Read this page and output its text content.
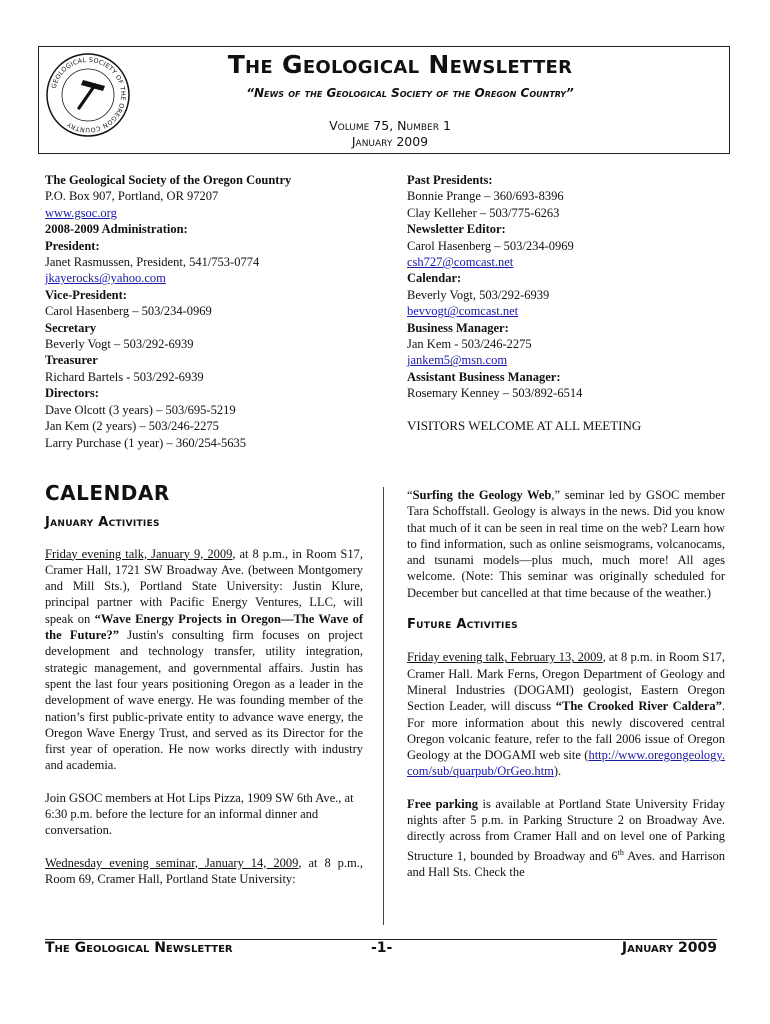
GEOLOGICAL SOCIETY OF THE OREGON COUNTRY
The Geological Newsletter
“News of the Geological Society of the Oregon Country”
Volume 75, Number 1
January 2009
The Geological Society of the Oregon Country
P.O. Box 907, Portland, OR 97207
www.gsoc.org
2008-2009 Administration:
President:
Janet Rasmussen, President, 541/753-0774
jkayerocks@yahoo.com
Vice-President:
Carol Hasenberg – 503/234-0969
Secretary
Beverly Vogt – 503/292-6939
Treasurer
Richard Bartels - 503/292-6939
Directors:
Dave Olcott (3 years) – 503/695-5219
Jan Kem (2 years) – 503/246-2275
Larry Purchase (1 year) – 360/254-5635
Past Presidents:
Bonnie Prange – 360/693-8396
Clay Kelleher – 503/775-6263
Newsletter Editor:
Carol Hasenberg – 503/234-0969
csh727@comcast.net
Calendar:
Beverly Vogt, 503/292-6939
bevvogt@comcast.net
Business Manager:
Jan Kem - 503/246-2275
jankem5@msn.com
Assistant Business Manager:
Rosemary Kenney – 503/892-6514
VISITORS WELCOME AT ALL MEETING
CALENDAR
January Activities

Friday evening talk, January 9, 2009, at 8 p.m., in Room S17, Cramer Hall, 1721 SW Broadway Ave. (between Montgomery and Mill Sts.), Portland State University: Justin Klure, principal partner with Pacific Energy Ventures, LLC, will speak on “Wave Energy Projects in Oregon—The Wave of the Future?” Justin's consulting firm focuses on project development and technology transfer, utility integration, strategic management, and governmental affairs. Justin has spent the last four years positioning Oregon as a leader in the development of wave energy. He was founding member of the nation’s first public-private entity to advance wave energy, the Oregon Wave Energy Trust, and served as its Director for the first year of operation. He now works directly with industry and academia.

Join GSOC members at Hot Lips Pizza, 1909 SW 6th Ave., at 6:30 p.m. before the lecture for an informal dinner and conversation.

Wednesday evening seminar, January 14, 2009, at 8 p.m., Room 69, Cramer Hall, Portland State University:

“Surfing the Geology Web,” seminar led by GSOC member Tara Schoffstall. Geology is always in the news. Did you know that much of it can be seen in real time on the web? Learn how to find information, such as online seismograms, volcanocams, and tsunami models—plus much, much more! All ages welcome. (Note: This seminar was originally scheduled for December but cancelled at that time because of the weather.)

Future Activities

Friday evening talk, February 13, 2009, at 8 p.m. in Room S17, Cramer Hall. Mark Ferns, Oregon Department of Geology and Mineral Industries (DOGAMI) geologist, Eastern Oregon Section Leader, will discuss “The Crooked River Caldera”. For more information about this newly discovered central Oregon volcanic feature, refer to the fall 2006 issue of Oregon Geology at the DOGAMI web site (http://www.oregongeology.com/sub/quarpub/OrGeo.htm).

Free parking is available at Portland State University Friday nights after 5 p.m. in Parking Structure 2 on Broadway Ave. directly across from Cramer Hall and on level one of Parking Structure 1, bounded by Broadway and 6th Aves. and Harrison and Hall Sts. Check the

The Geological Newsletter	-1-	January 2009
